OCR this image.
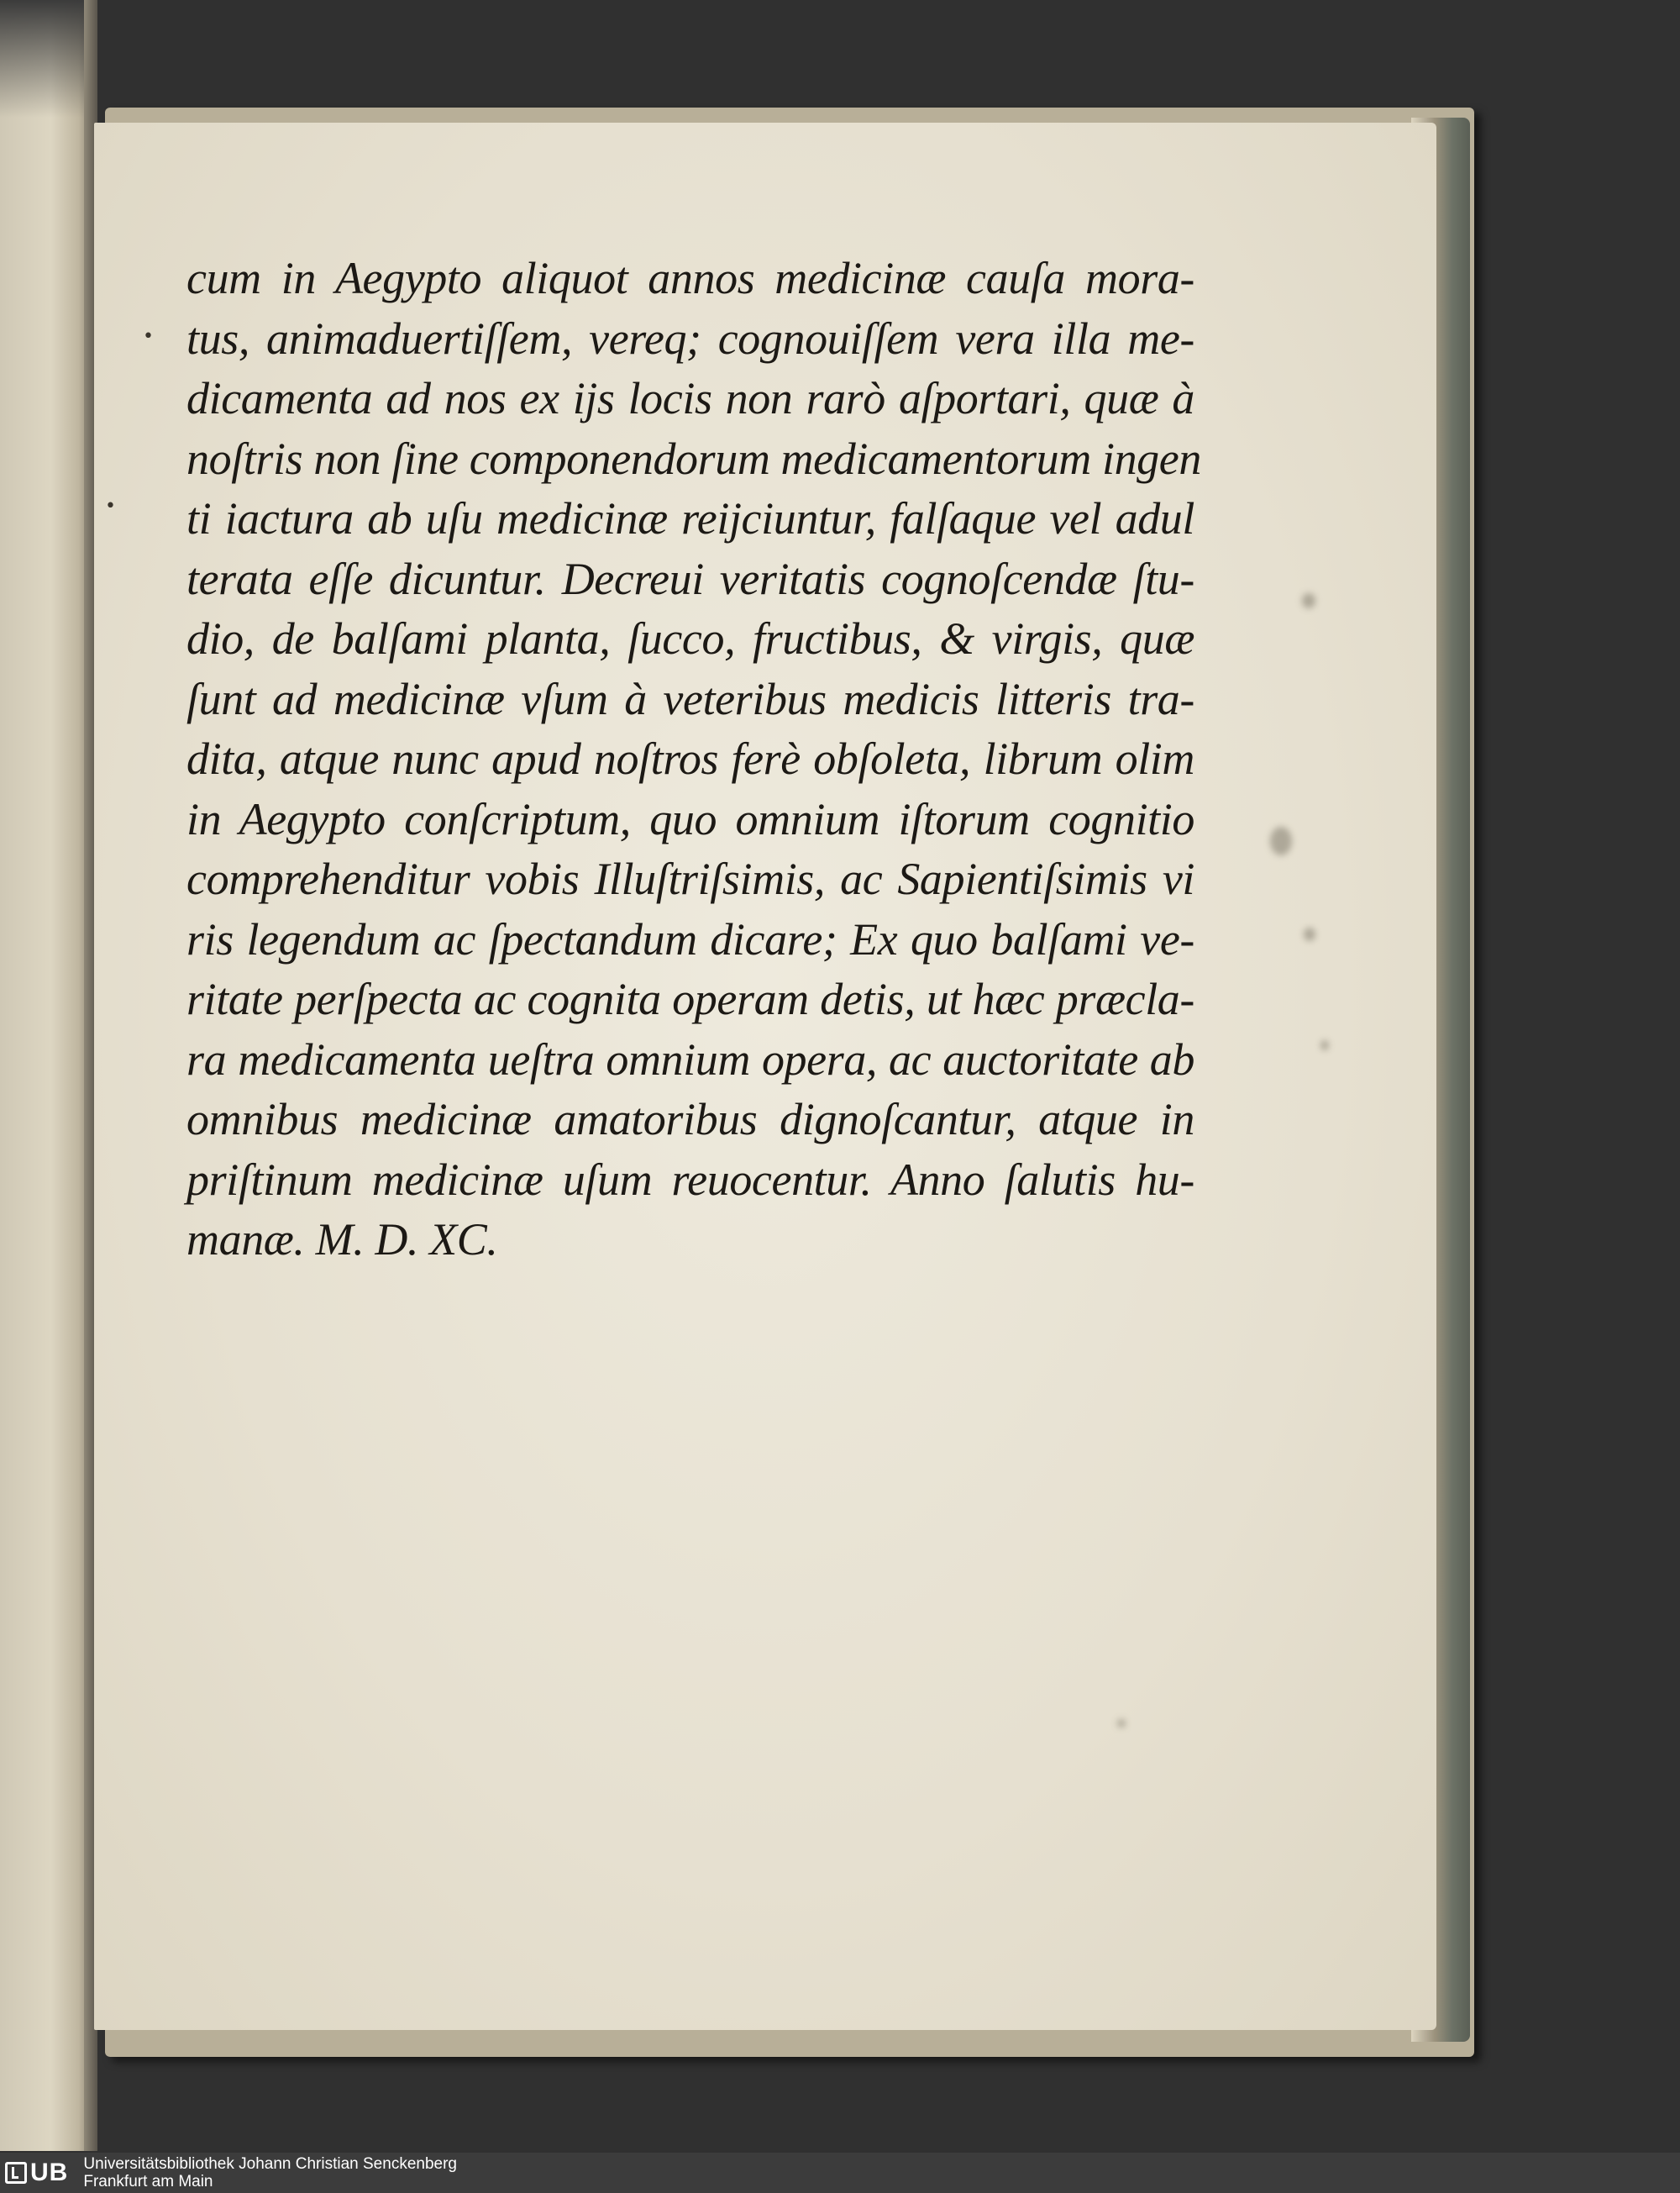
•
•
cum in Aegypto aliquot annos medicinæ cauſa mora-
tus, animaduertiſſem, vereq; cognouiſſem vera illa me-
dicamenta ad nos ex ijs locis non rarò aſportari, quæ à
noſtris non ſine componendorum medicamentorum ingen
ti iactura ab uſu medicinæ reijciuntur, falſaque vel adul
terata eſſe dicuntur. Decreui veritatis cognoſcendæ ſtu-
dio, de balſami planta, ſucco, fructibus, & virgis, quæ
ſunt ad medicinæ vſum à veteribus medicis litteris tra-
dita, atque nunc apud noſtros ferè obſoleta, librum olim
in Aegypto conſcriptum, quo omnium iſtorum cognitio
comprehenditur vobis Illuſtriſsimis, ac Sapientiſsimis vi
ris legendum ac ſpectandum dicare; Ex quo balſami ve-
ritate perſpecta ac cognita operam detis, ut hæc præcla-
ra medicamenta ueſtra omnium opera, ac auctoritate ab
omnibus medicinæ amatoribus dignoſcantur, atque in
priſtinum medicinæ uſum reuocentur. Anno ſalutis hu-
manæ. M. D. XC.
UB Universitätsbibliothek Johann Christian Senckenberg
Frankfurt am Main
